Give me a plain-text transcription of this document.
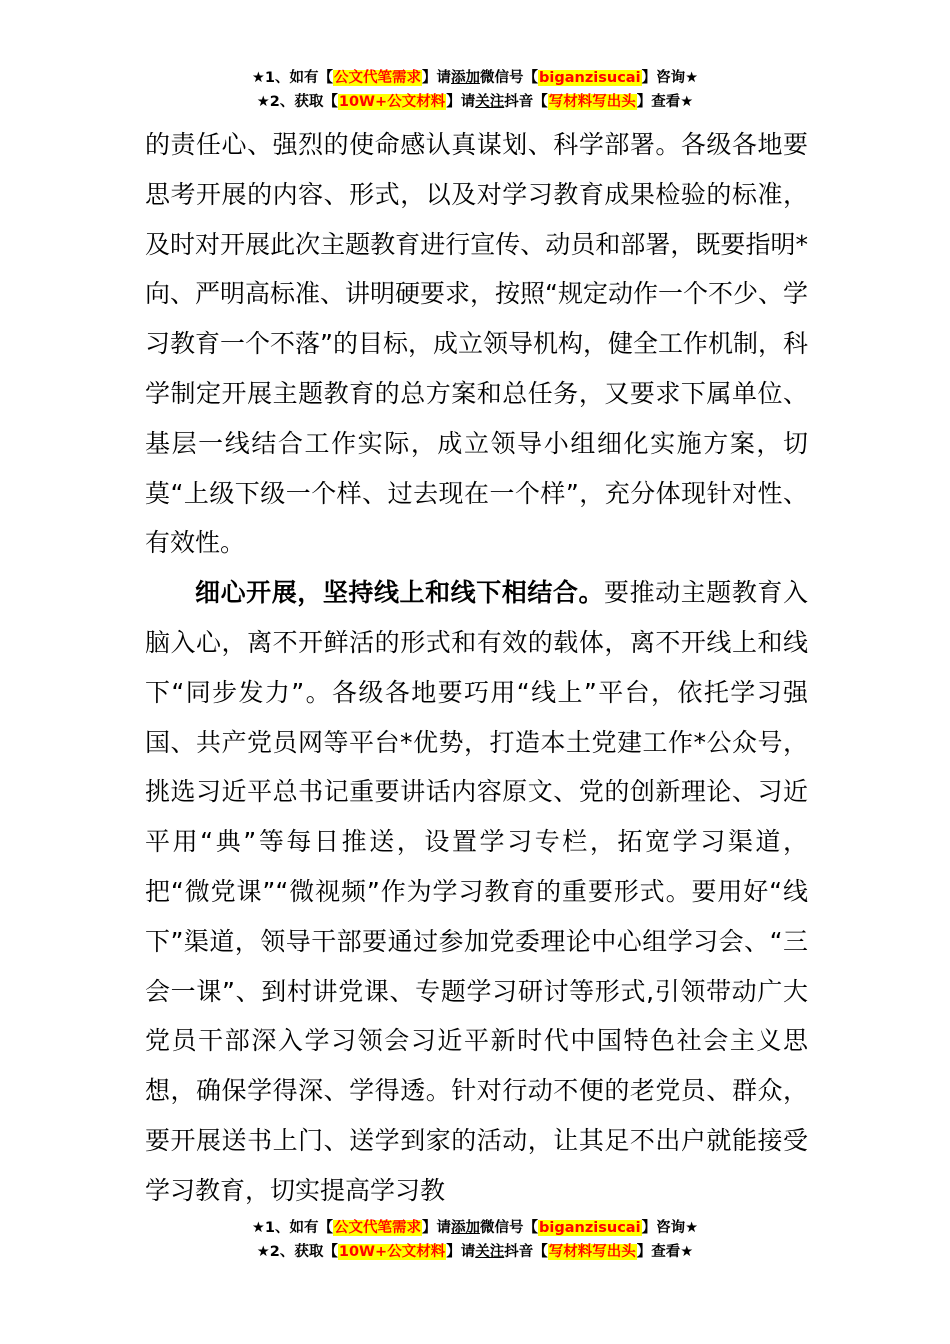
★1、如有【公文代笔需求】请添加微信号【biganzisucai】咨询★
★2、获取【10W+公文材料】请关注抖音【写材料写出头】查看★

的责任心、强烈的使命感认真谋划、科学部署。各级各地要思考开展的内容、形式，以及对学习教育成果检验的标准，及时对开展此次主题教育进行宣传、动员和部署，既要指明*向、严明高标准、讲明硬要求，按照“规定动作一个不少、学习教育一个不落”的目标，成立领导机构，健全工作机制，科学制定开展主题教育的总方案和总任务，又要求下属单位、基层一线结合工作实际，成立领导小组细化实施方案，切莫“上级下级一个样、过去现在一个样”，充分体现针对性、有效性。

细心开展，坚持线上和线下相结合。要推动主题教育入脑入心，离不开鲜活的形式和有效的载体，离不开线上和线下“同步发力”。各级各地要巧用“线上”平台，依托学习强国、共产党员网等平台*优势，打造本土党建工作*公众号，挑选习近平总书记重要讲话内容原文、党的创新理论、习近平用“典”等每日推送，设置学习专栏，拓宽学习渠道，把“微党课”“微视频”作为学习教育的重要形式。要用好“线下”渠道，领导干部要通过参加党委理论中心组学习会、“三会一课”、到村讲党课、专题学习研讨等形式,引领带动广大党员干部深入学习领会习近平新时代中国特色社会主义思想，确保学得深、学得透。针对行动不便的老党员、群众，要开展送书上门、送学到家的活动，让其足不出户就能接受学习教育，切实提高学习教

★1、如有【公文代笔需求】请添加微信号【biganzisucai】咨询★
★2、获取【10W+公文材料】请关注抖音【写材料写出头】查看★
